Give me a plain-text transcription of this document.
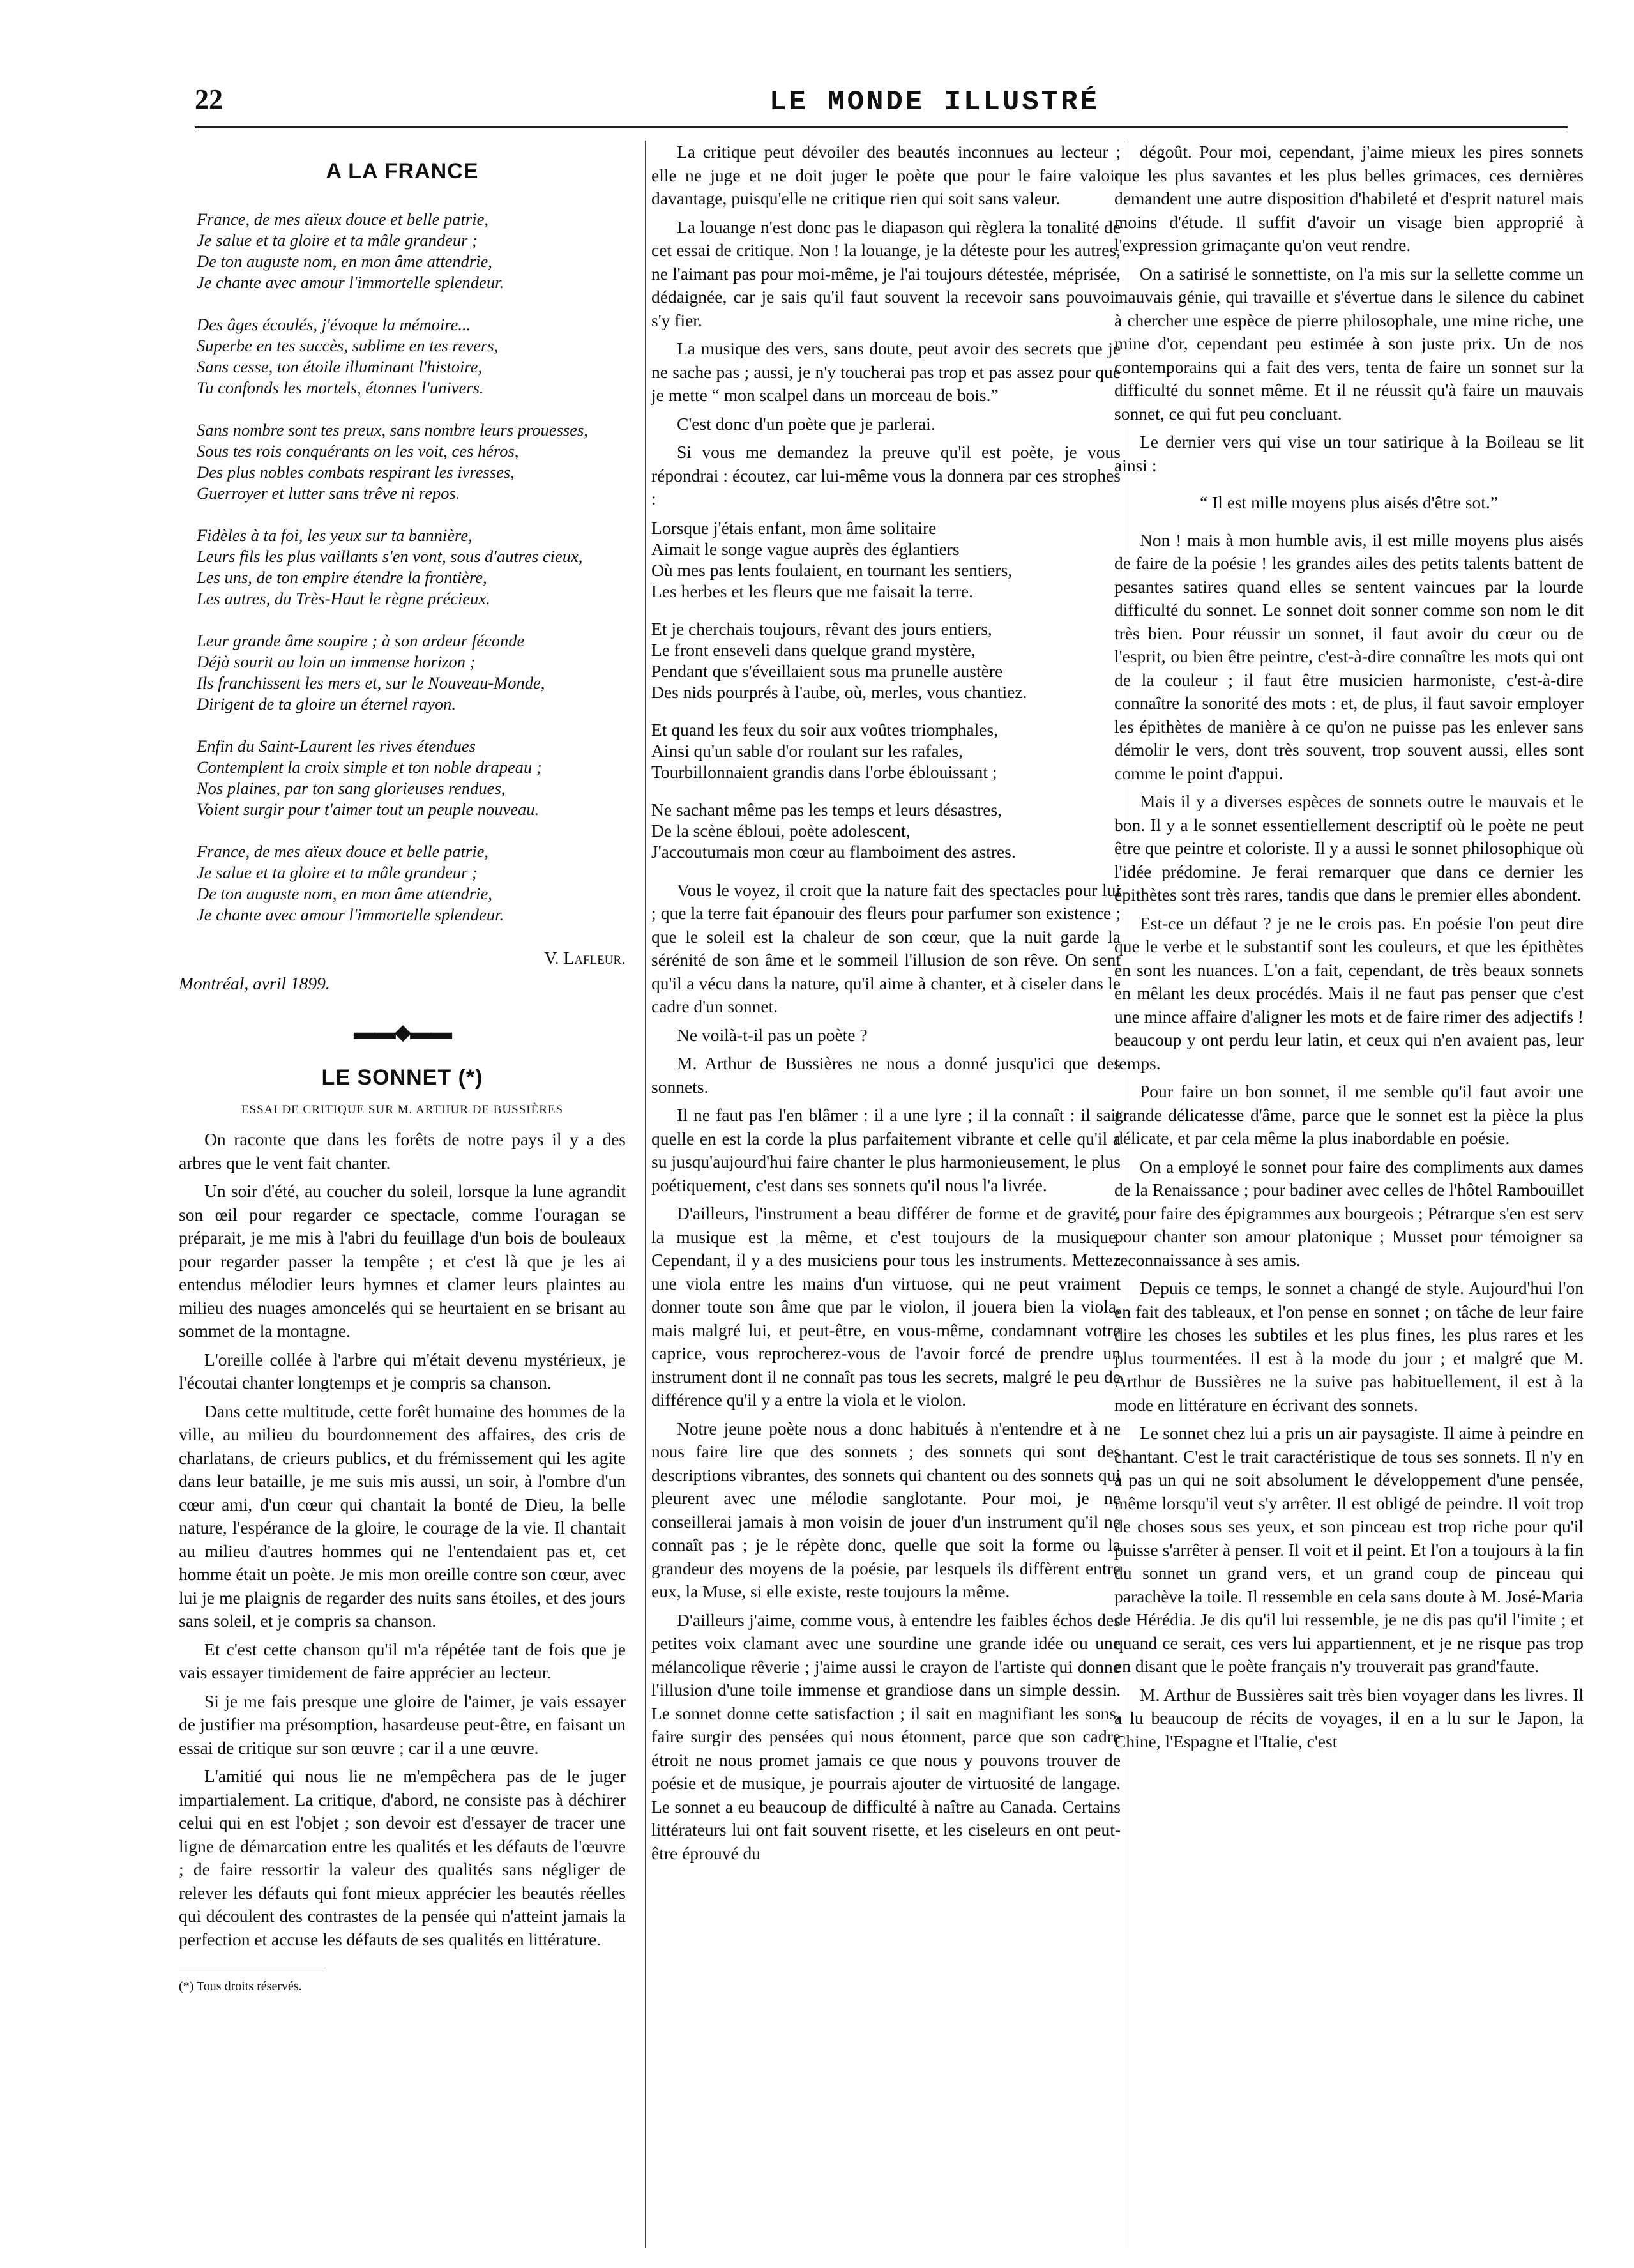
22	LE MONDE ILLUSTRÉ
A LA FRANCE
France, de mes aïeux douce et belle patrie,
Je salue et ta gloire et ta mâle grandeur ;
De ton auguste nom, en mon âme attendrie,
Je chante avec amour l'immortelle splendeur.
Des âges écoulés, j'évoque la mémoire...
Superbe en tes succès, sublime en tes revers,
Sans cesse, ton étoile illuminant l'histoire,
Tu confonds les mortels, étonnes l'univers.
Sans nombre sont tes preux, sans nombre leurs prouesses,
Sous tes rois conquérants on les voit, ces héros,
Des plus nobles combats respirant les ivresses,
Guerroyer et lutter sans trêve ni repos.
Fidèles à ta foi, les yeux sur ta bannière,
Leurs fils les plus vaillants s'en vont, sous d'autres cieux,
Les uns, de ton empire étendre la frontière,
Les autres, du Très-Haut le règne précieux.
Leur grande âme soupire ; à son ardeur féconde
Déjà sourit au loin un immense horizon ;
Ils franchissent les mers et, sur le Nouveau-Monde,
Dirigent de ta gloire un éternel rayon.
Enfin du Saint-Laurent les rives étendues
Contemplent la croix simple et ton noble drapeau ;
Nos plaines, par ton sang glorieuses rendues,
Voient surgir pour t'aimer tout un peuple nouveau.
France, de mes aïeux douce et belle patrie,
Je salue et ta gloire et ta mâle grandeur ;
De ton auguste nom, en mon âme attendrie,
Je chante avec amour l'immortelle splendeur.

V. Lafleur.

Montréal, avril 1899.

▬▬◆▬▬
LE SONNET (*)
ESSAI DE CRITIQUE SUR M. ARTHUR DE BUSSIÈRES

On raconte que dans les forêts de notre pays il y a des arbres que le vent fait chanter.

Un soir d'été, au coucher du soleil, lorsque la lune agrandit son œil pour regarder ce spectacle, comme l'ouragan se préparait, je me mis à l'abri du feuillage d'un bois de bouleaux pour regarder passer la tempête ; et c'est là que je les ai entendus mélodier leurs hymnes et clamer leurs plaintes au milieu des nuages amoncelés qui se heurtaient en se brisant au sommet de la montagne.

L'oreille collée à l'arbre qui m'était devenu mystérieux, je l'écoutai chanter longtemps et je compris sa chanson.

Dans cette multitude, cette forêt humaine des hommes de la ville, au milieu du bourdonnement des affaires, des cris de charlatans, de crieurs publics, et du frémissement qui les agite dans leur bataille, je me suis mis aussi, un soir, à l'ombre d'un cœur ami, d'un cœur qui chantait la bonté de Dieu, la belle nature, l'espérance de la gloire, le courage de la vie. Il chantait au milieu d'autres hommes qui ne l'entendaient pas et, cet homme était un poète. Je mis mon oreille contre son cœur, avec lui je me plaignis de regarder des nuits sans étoiles, et des jours sans soleil, et je compris sa chanson.

Et c'est cette chanson qu'il m'a répétée tant de fois que je vais essayer timidement de faire apprécier au lecteur.

Si je me fais presque une gloire de l'aimer, je vais essayer de justifier ma présomption, hasardeuse peut-être, en faisant un essai de critique sur son œuvre ; car il a une œuvre.

L'amitié qui nous lie ne m'empêchera pas de le juger impartialement. La critique, d'abord, ne consiste pas à déchirer celui qui en est l'objet ; son devoir est d'essayer de tracer une ligne de démarcation entre les qualités et les défauts de l'œuvre ; de faire ressortir la valeur des qualités sans négliger de relever les défauts qui font mieux apprécier les beautés réelles qui découlent des contrastes de la pensée qui n'atteint jamais la perfection et accuse les défauts de ses qualités en littérature.

(*) Tous droits réservés.

La critique peut dévoiler des beautés inconnues au lecteur ; elle ne juge et ne doit juger le poète que pour le faire valoir davantage, puisqu'elle ne critique rien qui soit sans valeur.

La louange n'est donc pas le diapason qui règlera la tonalité de cet essai de critique. Non ! la louange, je la déteste pour les autres, ne l'aimant pas pour moi-même, je l'ai toujours détestée, méprisée, dédaignée, car je sais qu'il faut souvent la recevoir sans pouvoir s'y fier.

La musique des vers, sans doute, peut avoir des secrets que je ne sache pas ; aussi, je n'y toucherai pas trop et pas assez pour que je mette “ mon scalpel dans un morceau de bois.”

C'est donc d'un poète que je parlerai.

Si vous me demandez la preuve qu'il est poète, je vous répondrai : écoutez, car lui-même vous la donnera par ces strophes :

Lorsque j'étais enfant, mon âme solitaire
Aimait le songe vague auprès des églantiers
Où mes pas lents foulaient, en tournant les sentiers,
Les herbes et les fleurs que me faisait la terre.
Et je cherchais toujours, rêvant des jours entiers,
Le front enseveli dans quelque grand mystère,
Pendant que s'éveillaient sous ma prunelle austère
Des nids pourprés à l'aube, où, merles, vous chantiez.
Et quand les feux du soir aux voûtes triomphales,
Ainsi qu'un sable d'or roulant sur les rafales,
Tourbillonnaient grandis dans l'orbe éblouissant ;
Ne sachant même pas les temps et leurs désastres,
De la scène ébloui, poète adolescent,
J'accoutumais mon cœur au flamboiment des astres.

Vous le voyez, il croit que la nature fait des spectacles pour lui ; que la terre fait épanouir des fleurs pour parfumer son existence ; que le soleil est la chaleur de son cœur, que la nuit garde la sérénité de son âme et le sommeil l'illusion de son rêve. On sent qu'il a vécu dans la nature, qu'il aime à chanter, et à ciseler dans le cadre d'un sonnet.

Ne voilà-t-il pas un poète ?

M. Arthur de Bussières ne nous a donné jusqu'ici que des sonnets.

Il ne faut pas l'en blâmer : il a une lyre ; il la connaît : il sait quelle en est la corde la plus parfaitement vibrante et celle qu'il a su jusqu'aujourd'hui faire chanter le plus harmonieusement, le plus poétiquement, c'est dans ses sonnets qu'il nous l'a livrée.

D'ailleurs, l'instrument a beau différer de forme et de gravité, la musique est la même, et c'est toujours de la musique. Cependant, il y a des musiciens pour tous les instruments. Mettez une viola entre les mains d'un virtuose, qui ne peut vraiment donner toute son âme que par le violon, il jouera bien la viola, mais malgré lui, et peut-être, en vous-même, condamnant votre caprice, vous reprocherez-vous de l'avoir forcé de prendre un instrument dont il ne connaît pas tous les secrets, malgré le peu de différence qu'il y a entre la viola et le violon.

Notre jeune poète nous a donc habitués à n'entendre et à ne nous faire lire que des sonnets ; des sonnets qui sont des descriptions vibrantes, des sonnets qui chantent ou des sonnets qui pleurent avec une mélodie sanglotante. Pour moi, je ne conseillerai jamais à mon voisin de jouer d'un instrument qu'il ne connaît pas ; je le répète donc, quelle que soit la forme ou la grandeur des moyens de la poésie, par lesquels ils diffèrent entre eux, la Muse, si elle existe, reste toujours la même.

D'ailleurs j'aime, comme vous, à entendre les faibles échos des petites voix clamant avec une sourdine une grande idée ou une mélancolique rêverie ; j'aime aussi le crayon de l'artiste qui donne l'illusion d'une toile immense et grandiose dans un simple dessin. Le sonnet donne cette satisfaction ; il sait en magnifiant les sons, faire surgir des pensées qui nous étonnent, parce que son cadre étroit ne nous promet jamais ce que nous y pouvons trouver de poésie et de musique, je pourrais ajouter de virtuosité de langage. Le sonnet a eu beaucoup de difficulté à naître au Canada. Certains littérateurs lui ont fait souvent risette, et les ciseleurs en ont peut-être éprouvé du

dégoût. Pour moi, cependant, j'aime mieux les pires sonnets que les plus savantes et les plus belles grimaces, ces dernières demandent une autre disposition d'habileté et d'esprit naturel mais moins d'étude. Il suffit d'avoir un visage bien approprié à l'expression grimaçante qu'on veut rendre.

On a satirisé le sonnettiste, on l'a mis sur la sellette comme un mauvais génie, qui travaille et s'évertue dans le silence du cabinet à chercher une espèce de pierre philosophale, une mine riche, une mine d'or, cependant peu estimée à son juste prix. Un de nos contemporains qui a fait des vers, tenta de faire un sonnet sur la difficulté du sonnet même. Et il ne réussit qu'à faire un mauvais sonnet, ce qui fut peu concluant.

Le dernier vers qui vise un tour satirique à la Boileau se lit ainsi :

“ Il est mille moyens plus aisés d'être sot.”

Non ! mais à mon humble avis, il est mille moyens plus aisés de faire de la poésie ! les grandes ailes des petits talents battent de pesantes satires quand elles se sentent vaincues par la lourde difficulté du sonnet. Le sonnet doit sonner comme son nom le dit très bien. Pour réussir un sonnet, il faut avoir du cœur ou de l'esprit, ou bien être peintre, c'est-à-dire connaître les mots qui ont de la couleur ; il faut être musicien harmoniste, c'est-à-dire connaître la sonorité des mots : et, de plus, il faut savoir employer les épithètes de manière à ce qu'on ne puisse pas les enlever sans démolir le vers, dont très souvent, trop souvent aussi, elles sont comme le point d'appui.

Mais il y a diverses espèces de sonnets outre le mauvais et le bon. Il y a le sonnet essentiellement descriptif où le poète ne peut être que peintre et coloriste. Il y a aussi le sonnet philosophique où l'idée prédomine. Je ferai remarquer que dans ce dernier les épithètes sont très rares, tandis que dans le premier elles abondent.

Est-ce un défaut ? je ne le crois pas. En poésie l'on peut dire que le verbe et le substantif sont les couleurs, et que les épithètes en sont les nuances. L'on a fait, cependant, de très beaux sonnets en mêlant les deux procédés. Mais il ne faut pas penser que c'est une mince affaire d'aligner les mots et de faire rimer des adjectifs ! beaucoup y ont perdu leur latin, et ceux qui n'en avaient pas, leur temps.

Pour faire un bon sonnet, il me semble qu'il faut avoir une grande délicatesse d'âme, parce que le sonnet est la pièce la plus délicate, et par cela même la plus inabordable en poésie.

On a employé le sonnet pour faire des compliments aux dames de la Renaissance ; pour badiner avec celles de l'hôtel Rambouillet ; pour faire des épigrammes aux bourgeois ; Pétrarque s'en est serv pour chanter son amour platonique ; Musset pour témoigner sa reconnaissance à ses amis.

Depuis ce temps, le sonnet a changé de style. Aujourd'hui l'on en fait des tableaux, et l'on pense en sonnet ; on tâche de leur faire dire les choses les subtiles et les plus fines, les plus rares et les plus tourmentées. Il est à la mode du jour ; et malgré que M. Arthur de Bussières ne la suive pas habituellement, il est à la mode en littérature en écrivant des sonnets.

Le sonnet chez lui a pris un air paysagiste. Il aime à peindre en chantant. C'est le trait caractéristique de tous ses sonnets. Il n'y en a pas un qui ne soit absolument le développement d'une pensée, même lorsqu'il veut s'y arrêter. Il est obligé de peindre. Il voit trop de choses sous ses yeux, et son pinceau est trop riche pour qu'il puisse s'arrêter à penser. Il voit et il peint. Et l'on a toujours à la fin du sonnet un grand vers, et un grand coup de pinceau qui parachève la toile. Il ressemble en cela sans doute à M. José-Maria de Hérédia. Je dis qu'il lui ressemble, je ne dis pas qu'il l'imite ; et quand ce serait, ces vers lui appartiennent, et je ne risque pas trop en disant que le poète français n'y trouverait pas grand'faute.

M. Arthur de Bussières sait très bien voyager dans les livres. Il a lu beaucoup de récits de voyages, il en a lu sur le Japon, la Chine, l'Espagne et l'Italie, c'est
